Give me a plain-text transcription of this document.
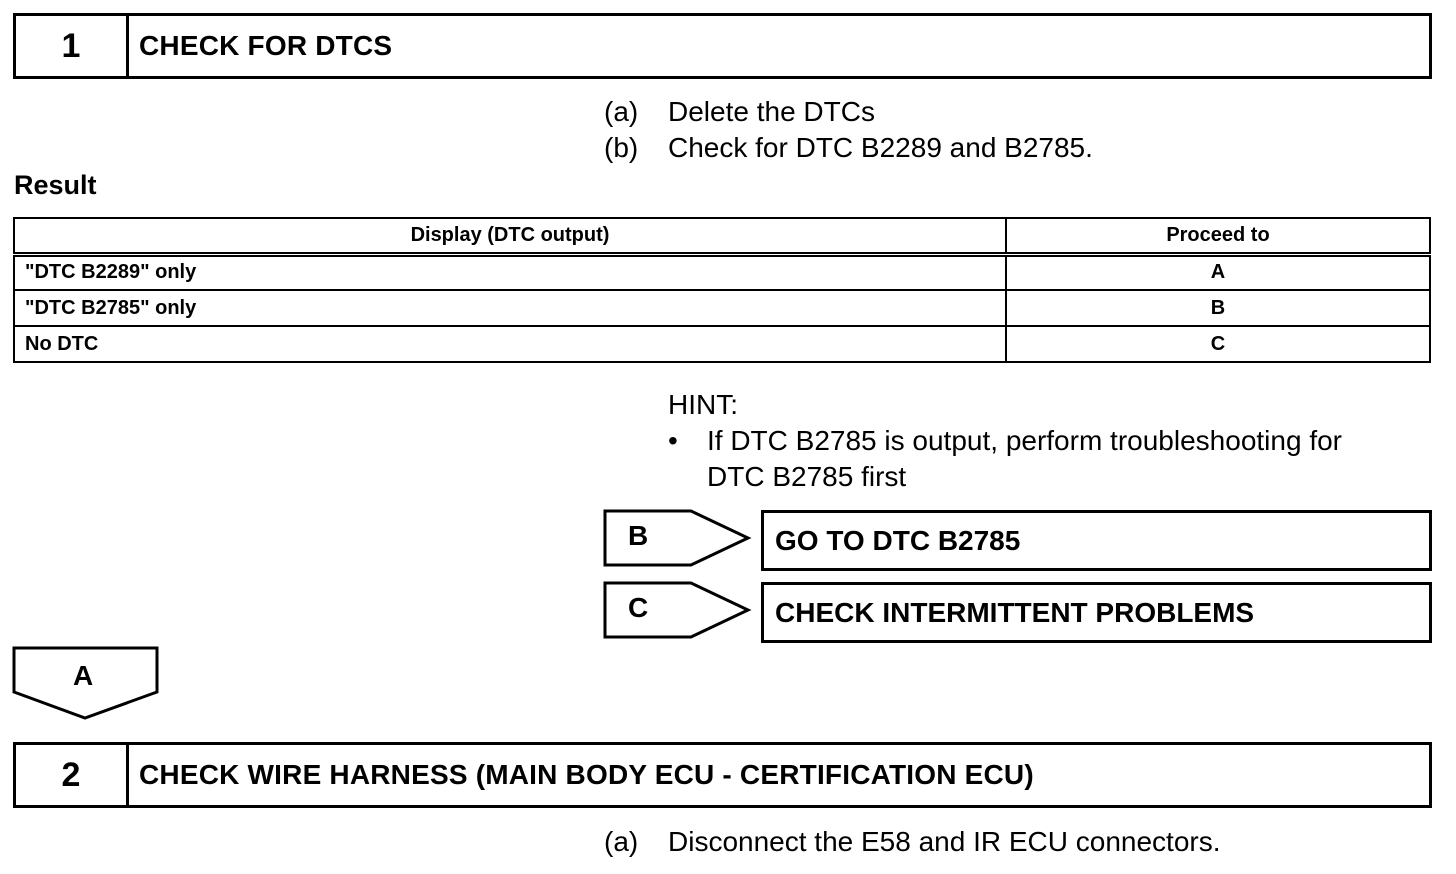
1	CHECK FOR DTCS
(a) Delete the DTCs
(b) Check for DTC B2289 and B2785.
Result
Display (DTC output)	Proceed to
"DTC B2289" only	A
"DTC B2785" only	B
No DTC	C
HINT:
• If DTC B2785 is output, perform troubleshooting for
DTC B2785 first
B	GO TO DTC B2785
C	CHECK INTERMITTENT PROBLEMS
A
2	CHECK WIRE HARNESS (MAIN BODY ECU - CERTIFICATION ECU)
(a) Disconnect the E58 and IR ECU connectors.
